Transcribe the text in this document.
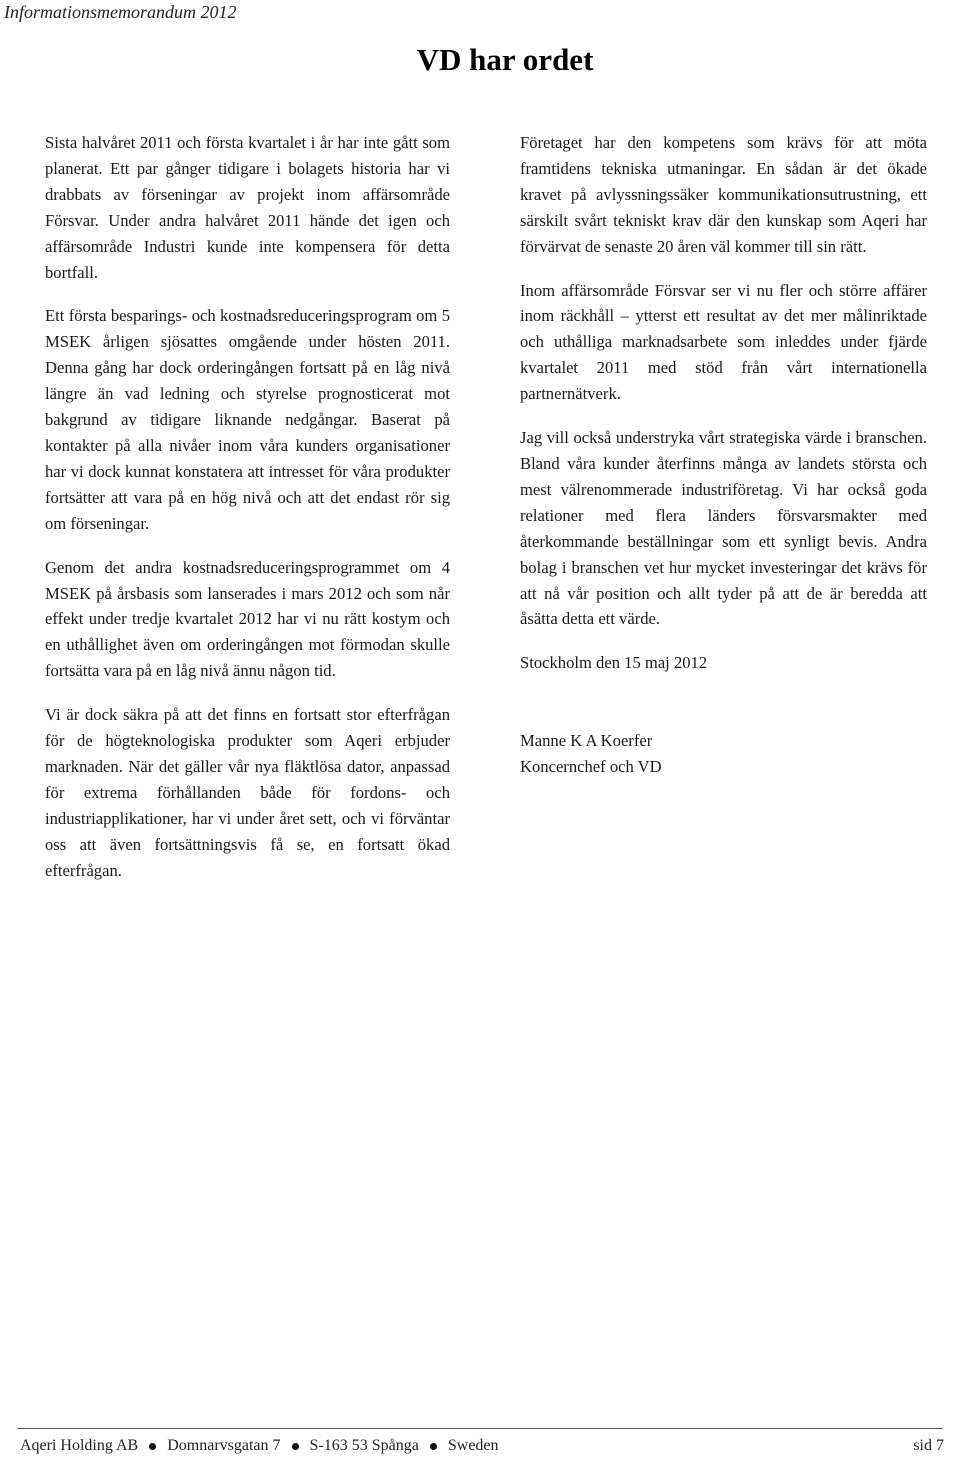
Informationsmemorandum 2012

VD har ordet

Sista halvåret 2011 och första kvartalet i år har inte gått som planerat. Ett par gånger tidigare i bolagets historia har vi drabbats av förseningar av projekt inom affärsområde Försvar. Under andra halvåret 2011 hände det igen och affärsområde Industri kunde inte kompensera för detta bortfall.

Ett första besparings- och kostnadsreduceringsprogram om 5 MSEK årligen sjösattes omgående under hösten 2011. Denna gång har dock orderingången fortsatt på en låg nivå längre än vad ledning och styrelse prognosticerat mot bakgrund av tidigare liknande nedgångar. Baserat på kontakter på alla nivåer inom våra kunders organisationer har vi dock kunnat konstatera att intresset för våra produkter fortsätter att vara på en hög nivå och att det endast rör sig om förseningar.

Genom det andra kostnadsreduceringsprogrammet om 4 MSEK på årsbasis som lanserades i mars 2012 och som når effekt under tredje kvartalet 2012 har vi nu rätt kostym och en uthållighet även om orderingången mot förmodan skulle fortsätta vara på en låg nivå ännu någon tid.

Vi är dock säkra på att det finns en fortsatt stor efterfrågan för de högteknologiska produkter som Aqeri erbjuder marknaden. När det gäller vår nya fläktlösa dator, anpassad för extrema förhållanden både för fordons- och industriapplikationer, har vi under året sett, och vi förväntar oss att även fortsättningsvis få se, en fortsatt ökad efterfrågan.

Företaget har den kompetens som krävs för att möta framtidens tekniska utmaningar. En sådan är det ökade kravet på avlyssningssäker kommunikationsutrustning, ett särskilt svårt tekniskt krav där den kunskap som Aqeri har förvärvat de senaste 20 åren väl kommer till sin rätt.

Inom affärsområde Försvar ser vi nu fler och större affärer inom räckhåll – ytterst ett resultat av det mer målinriktade och uthålliga marknadsarbete som inleddes under fjärde kvartalet 2011 med stöd från vårt internationella partnernätverk.

Jag vill också understryka vårt strategiska värde i branschen. Bland våra kunder återfinns många av landets största och mest välrenommerade industriföretag. Vi har också goda relationer med flera länders försvarsmakter med återkommande beställningar som ett synligt bevis. Andra bolag i branschen vet hur mycket investeringar det krävs för att nå vår position och allt tyder på att de är beredda att åsätta detta ett värde.

Stockholm den 15 maj 2012

Manne K A Koerfer
Koncernchef och VD

Aqeri Holding AB Domnarvsgatan 7 S-163 53 Spånga Sweden	sid 7
